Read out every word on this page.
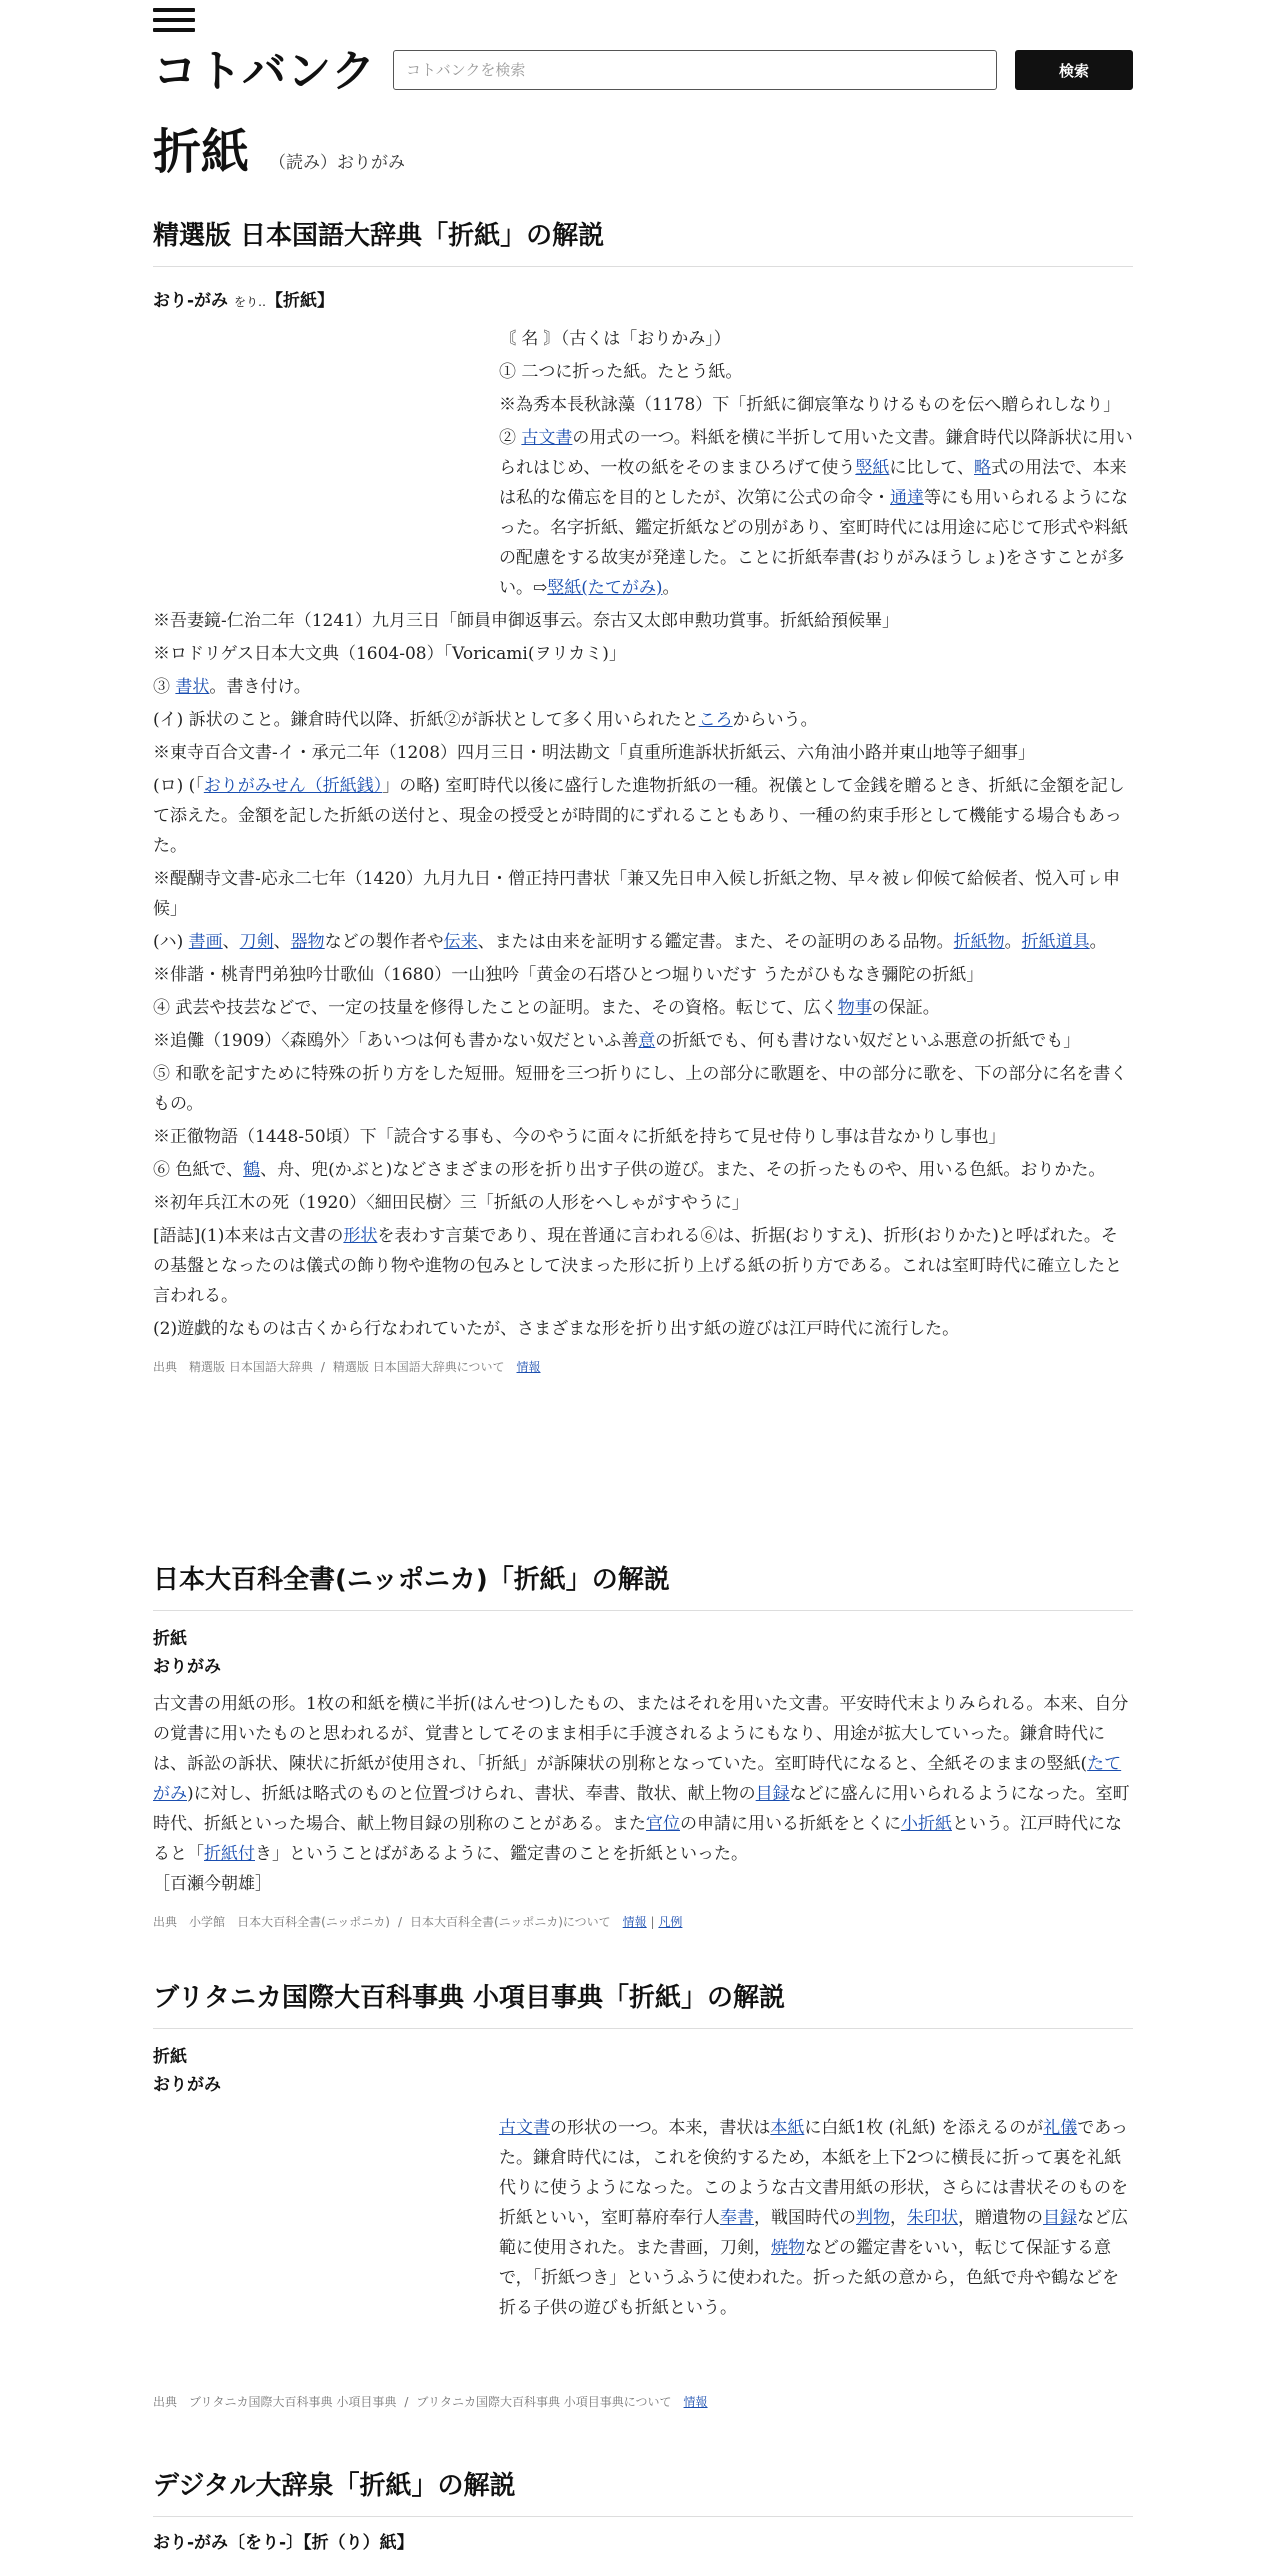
コトバンク
コトバンクを検索	検索
折紙 （読み）おりがみ
精選版 日本国語大辞典「折紙」の解説
おり-がみ をり‥【折紙】
〘 名 〙（古くは「おりかみ」）
① 二つに折った紙。たとう紙。
※為秀本長秋詠藻（1178）下「折紙に御宸筆なりけるものを伝へ贈られしなり」
② 古文書の用式の一つ。料紙を横に半折して用いた文書。鎌倉時代以降訴状に用いられはじめ、一枚の紙をそのままひろげて使う竪紙に比して、略式の用法で、本来は私的な備忘を目的としたが、次第に公式の命令・通達等にも用いられるようになった。名字折紙、鑑定折紙などの別があり、室町時代には用途に応じて形式や料紙の配慮をする故実が発達した。ことに折紙奉書(おりがみほうしょ)をさすことが多い。⇨竪紙(たてがみ)。
※吾妻鏡‐仁治二年（1241）九月三日「師員申御返事云。奈古又太郎申勲功賞事。折紙給預候畢」
※ロドリゲス日本大文典（1604‐08）「Voricami(ヲリカミ)」
③ 書状。書き付け。
(イ) 訴状のこと。鎌倉時代以降、折紙②が訴状として多く用いられたところからいう。
※東寺百合文書‐イ・承元二年（1208）四月三日・明法勘文「貞重所進訴状折紙云、六角油小路并東山地等子細事」
(ロ) (「おりがみせん（折紙銭）」の略) 室町時代以後に盛行した進物折紙の一種。祝儀として金銭を贈るとき、折紙に金額を記して添えた。金額を記した折紙の送付と、現金の授受とが時間的にずれることもあり、一種の約束手形として機能する場合もあった。
※醍醐寺文書‐応永二七年（1420）九月九日・僧正持円書状「兼又先日申入候し折紙之物、早々被ㇾ仰候て給候者、悦入可ㇾ申候」
(ハ) 書画、刀剣、器物などの製作者や伝来、または由来を証明する鑑定書。また、その証明のある品物。折紙物。折紙道具。
※俳諧・桃青門弟独吟廿歌仙（1680）一山独吟「黄金の石塔ひとつ堀りいだす うたがひもなき彌陀の折紙」
④ 武芸や技芸などで、一定の技量を修得したことの証明。また、その資格。転じて、広く物事の保証。
※追儺（1909）〈森鴎外〉「あいつは何も書かない奴だといふ善意の折紙でも、何も書けない奴だといふ悪意の折紙でも」
⑤ 和歌を記すために特殊の折り方をした短冊。短冊を三つ折りにし、上の部分に歌題を、中の部分に歌を、下の部分に名を書くもの。
※正徹物語（1448‐50頃）下「読合する事も、今のやうに面々に折紙を持ちて見せ侍りし事は昔なかりし事也」
⑥ 色紙で、鶴、舟、兜(かぶと)などさまざまの形を折り出す子供の遊び。また、その折ったものや、用いる色紙。おりかた。
※初年兵江木の死（1920）〈細田民樹〉三「折紙の人形をへしゃがすやうに」
[語誌](1)本来は古文書の形状を表わす言葉であり、現在普通に言われる⑥は、折据(おりすえ)、折形(おりかた)と呼ばれた。その基盤となったのは儀式の飾り物や進物の包みとして決まった形に折り上げる紙の折り方である。これは室町時代に確立したと言われる。
(2)遊戯的なものは古くから行なわれていたが、さまざまな形を折り出す紙の遊びは江戸時代に流行した。
出典　 精選版 日本国語大辞典 / 精選版 日本国語大辞典について　 情報
日本大百科全書(ニッポニカ)「折紙」の解説
折紙
おりがみ
古文書の用紙の形。1枚の和紙を横に半折(はんせつ)したもの、またはそれを用いた文書。平安時代末よりみられる。本来、自分の覚書に用いたものと思われるが、覚書としてそのまま相手に手渡されるようにもなり、用途が拡大していった。鎌倉時代には、訴訟の訴状、陳状に折紙が使用され、「折紙」が訴陳状の別称となっていた。室町時代になると、全紙そのままの竪紙(たてがみ)に対し、折紙は略式のものと位置づけられ、書状、奉書、散状、献上物の目録などに盛んに用いられるようになった。室町時代、折紙といった場合、献上物目録の別称のことがある。また官位の申請に用いる折紙をとくに小折紙という。江戸時代になると「折紙付き」ということばがあるように、鑑定書のことを折紙といった。
［百瀬今朝雄］
出典　 小学館　 日本大百科全書(ニッポニカ) / 日本大百科全書(ニッポニカ)について　 情報 | 凡例
ブリタニカ国際大百科事典 小項目事典「折紙」の解説
折紙
おりがみ
古文書の形状の一つ。本来，書状は本紙に白紙1枚 (礼紙) を添えるのが礼儀であった。鎌倉時代には，これを倹約するため，本紙を上下2つに横長に折って裏を礼紙代りに使うようになった。このような古文書用紙の形状，さらには書状そのものを折紙といい，室町幕府奉行人奉書，戦国時代の判物，朱印状，贈遺物の目録など広範に使用された。また書画，刀剣，焼物などの鑑定書をいい，転じて保証する意で，「折紙つき」というふうに使われた。折った紙の意から，色紙で舟や鶴などを折る子供の遊びも折紙という。
出典　 ブリタニカ国際大百科事典 小項目事典 / ブリタニカ国際大百科事典 小項目事典について　 情報
デジタル大辞泉「折紙」の解説
おり-がみ〔をり-〕【折（り）紙】
